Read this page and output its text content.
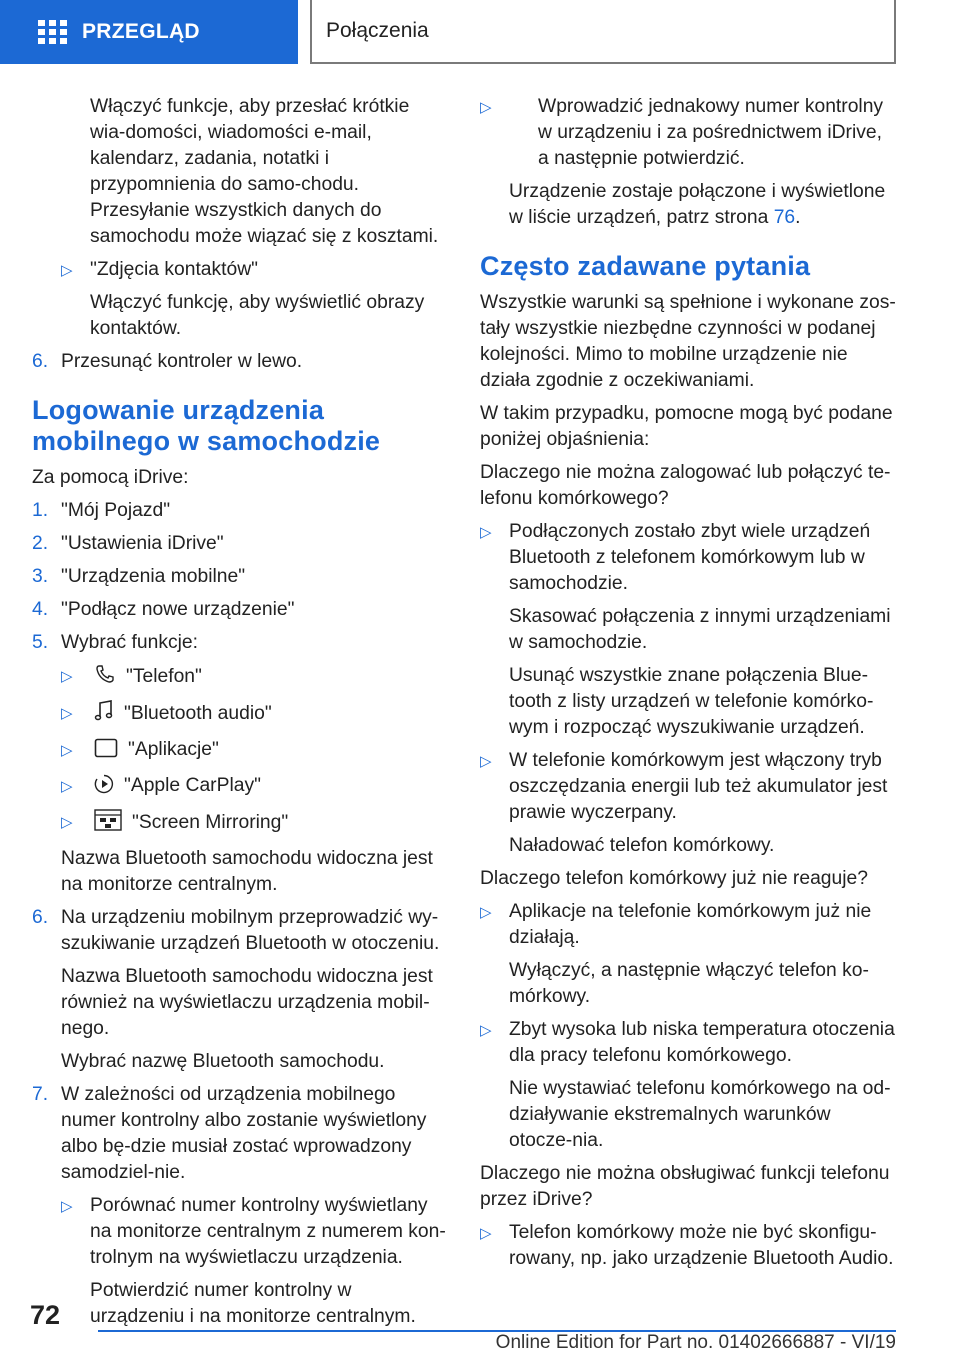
PRZEGLĄD	Połączenia

Włączyć funkcje, aby przesłać krótkie wia-domości, wiadomości e-mail, kalendarz, zadania, notatki i przypomnienia do samo-chodu. Przesyłanie wszystkich danych do samochodu może wiązać się z kosztami.

▷ "Zdjęcia kontaktów"

Włączyć funkcję, aby wyświetlić obrazy kontaktów.

6. Przesunąć kontroler w lewo.
Logowanie urządzenia mobilnego w samochodzie

Za pomocą iDrive:

1. "Mój Pojazd"
2. "Ustawienia iDrive"
3. "Urządzenia mobilne"
4. "Podłącz nowe urządzenie"
5. Wybrać funkcje:
▷	"Telefon"

▷	"Bluetooth audio"

▷	"Aplikacje"

▷	"Apple CarPlay"

▷	"Screen Mirroring"

Nazwa Bluetooth samochodu widoczna jest na monitorze centralnym.

6. Na urządzeniu mobilnym przeprowadzić wy-szukiwanie urządzeń Bluetooth w otoczeniu.

Nazwa Bluetooth samochodu widoczna jest również na wyświetlaczu urządzenia mobil-nego.

Wybrać nazwę Bluetooth samochodu.

7. W zależności od urządzenia mobilnego numer kontrolny albo zostanie wyświetlony albo bę-dzie musiał zostać wprowadzony samodziel-nie.
▷ Porównać numer kontrolny wyświetlany na monitorze centralnym z numerem kon-trolnym na wyświetlaczu urządzenia.

Potwierdzić numer kontrolny w urządzeniu i na monitorze centralnym.

▷	Wprowadzić jednakowy numer kontrolny w urządzeniu i za pośrednictwem iDrive, a następnie potwierdzić.

Urządzenie zostaje połączone i wyświetlone w liście urządzeń, patrz strona 76.

Często zadawane pytania

Wszystkie warunki są spełnione i wykonane zos-tały wszystkie niezbędne czynności w podanej kolejności. Mimo to mobilne urządzenie nie działa zgodnie z oczekiwaniami.

W takim przypadku, pomocne mogą być podane poniżej objaśnienia:

Dlaczego nie można zalogować lub połączyć te-lefonu komórkowego?

▷ Podłączonych zostało zbyt wiele urządzeń Bluetooth z telefonem komórkowym lub w samochodzie.

Skasować połączenia z innymi urządzeniami w samochodzie.

Usunąć wszystkie znane połączenia Blue-tooth z listy urządzeń w telefonie komórko-wym i rozpocząć wyszukiwanie urządzeń.

▷ W telefonie komórkowym jest włączony tryb oszczędzania energii lub też akumulator jest prawie wyczerpany.

Naładować telefon komórkowy.

Dlaczego telefon komórkowy już nie reaguje?

▷ Aplikacje na telefonie komórkowym już nie działają.

Wyłączyć, a następnie włączyć telefon ko-mórkowy.

▷ Zbyt wysoka lub niska temperatura otoczenia dla pracy telefonu komórkowego.

Nie wystawiać telefonu komórkowego na od-działywanie ekstremalnych warunków otocze-nia.

Dlaczego nie można obsługiwać funkcji telefonu przez iDrive?

▷ Telefon komórkowy może nie być skonfigu-rowany, np. jako urządzenie Bluetooth Audio.

72
Online Edition for Part no. 01402666887 - VI/19
